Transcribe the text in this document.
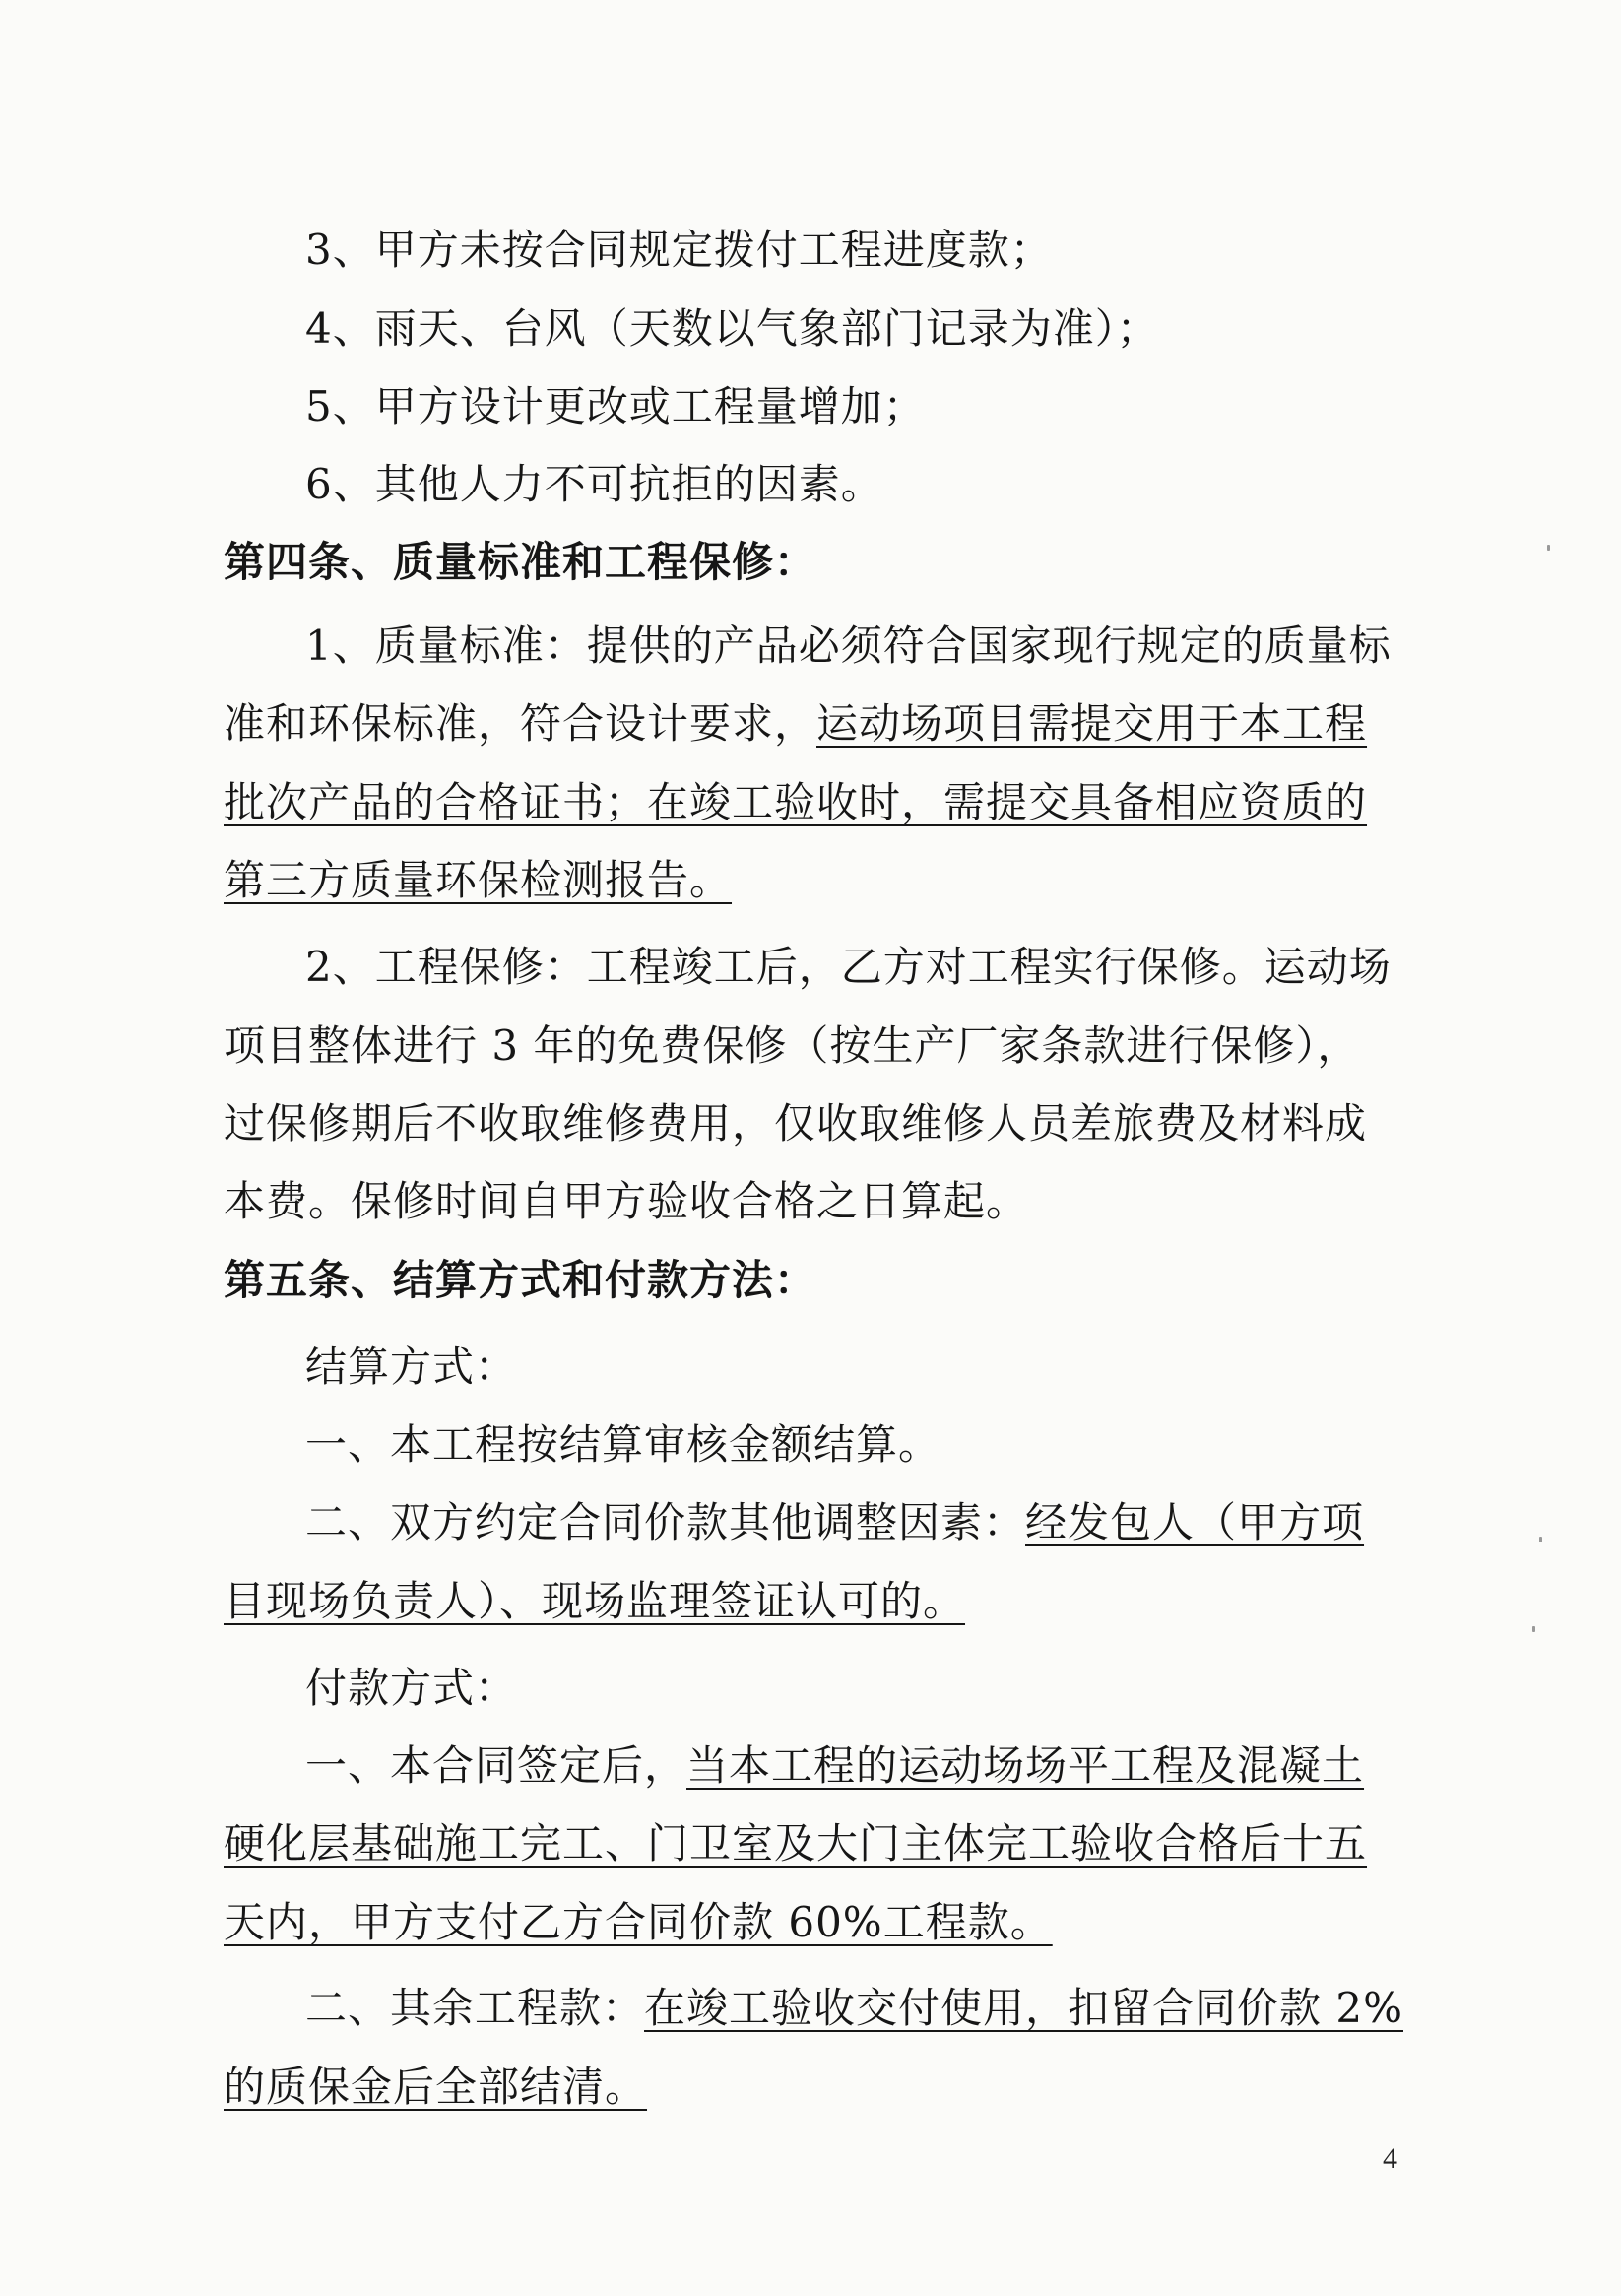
3、甲方未按合同规定拨付工程进度款；
4、雨天、台风（天数以气象部门记录为准）；
5、甲方设计更改或工程量增加；
6、其他人力不可抗拒的因素。
第四条、质量标准和工程保修：
1、质量标准：提供的产品必须符合国家现行规定的质量标
准和环保标准，符合设计要求，运动场项目需提交用于本工程
批次产品的合格证书；在竣工验收时，需提交具备相应资质的
第三方质量环保检测报告。
2、工程保修：工程竣工后，乙方对工程实行保修。运动场
项目整体进行 3 年的免费保修（按生产厂家条款进行保修），
过保修期后不收取维修费用，仅收取维修人员差旅费及材料成
本费。保修时间自甲方验收合格之日算起。
第五条、结算方式和付款方法：
结算方式：
一、本工程按结算审核金额结算。
二、双方约定合同价款其他调整因素：经发包人（甲方项
目现场负责人）、现场监理签证认可的。
付款方式：
一、本合同签定后，当本工程的运动场场平工程及混凝土
硬化层基础施工完工、门卫室及大门主体完工验收合格后十五
天内，甲方支付乙方合同价款 60%工程款。
二、其余工程款：在竣工验收交付使用，扣留合同价款 2%
的质保金后全部结清。
4
